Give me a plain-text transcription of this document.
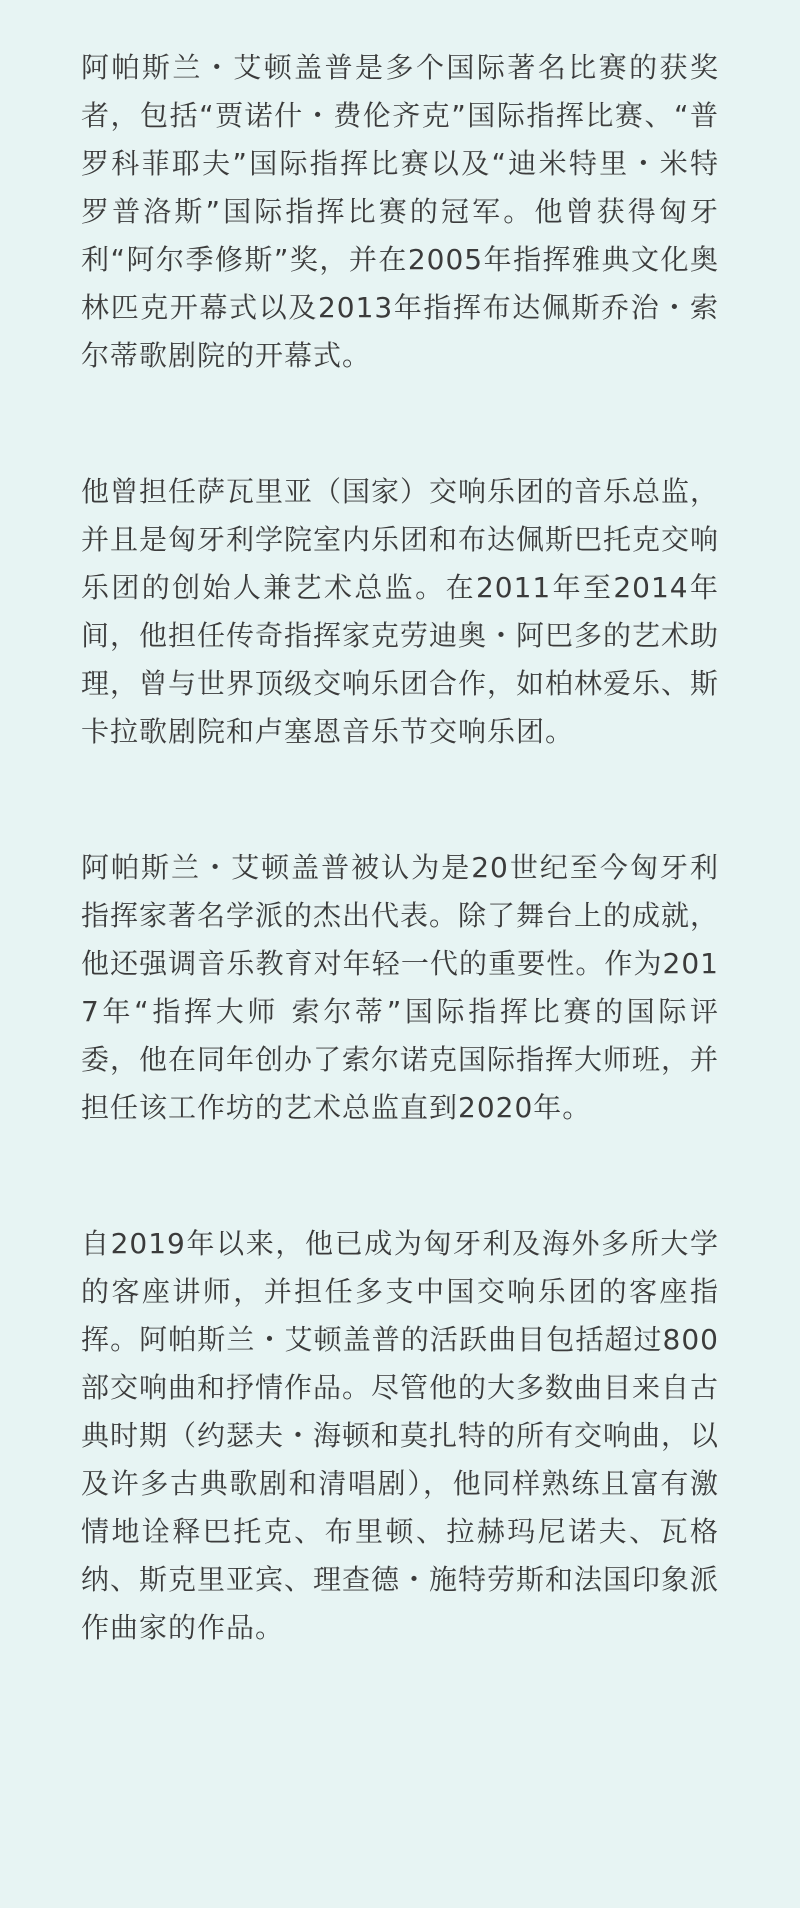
阿帕斯兰・艾顿盖普是多个国际著名比赛的获奖者，包括“贾诺什・费伦齐克”国际指挥比赛、“普罗科菲耶夫”国际指挥比赛以及“迪米特里・米特罗普洛斯”国际指挥比赛的冠军。他曾获得匈牙利“阿尔季修斯”奖，并在2005年指挥雅典文化奥林匹克开幕式以及2013年指挥布达佩斯乔治・索尔蒂歌剧院的开幕式。

他曾担任萨瓦里亚（国家）交响乐团的音乐总监，并且是匈牙利学院室内乐团和布达佩斯巴托克交响乐团的创始人兼艺术总监。在2011年至2014年间，他担任传奇指挥家克劳迪奥・阿巴多的艺术助理，曾与世界顶级交响乐团合作，如柏林爱乐、斯卡拉歌剧院和卢塞恩音乐节交响乐团。

阿帕斯兰・艾顿盖普被认为是20世纪至今匈牙利指挥家著名学派的杰出代表。除了舞台上的成就，他还强调音乐教育对年轻一代的重要性。作为2017年“指挥大师 索尔蒂”国际指挥比赛的国际评委，他在同年创办了索尔诺克国际指挥大师班，并担任该工作坊的艺术总监直到2020年。

自2019年以来，他已成为匈牙利及海外多所大学的客座讲师，并担任多支中国交响乐团的客座指挥。阿帕斯兰・艾顿盖普的活跃曲目包括超过800部交响曲和抒情作品。尽管他的大多数曲目来自古典时期（约瑟夫・海顿和莫扎特的所有交响曲，以及许多古典歌剧和清唱剧），他同样熟练且富有激情地诠释巴托克、布里顿、拉赫玛尼诺夫、瓦格纳、斯克里亚宾、理查德・施特劳斯和法国印象派作曲家的作品。
